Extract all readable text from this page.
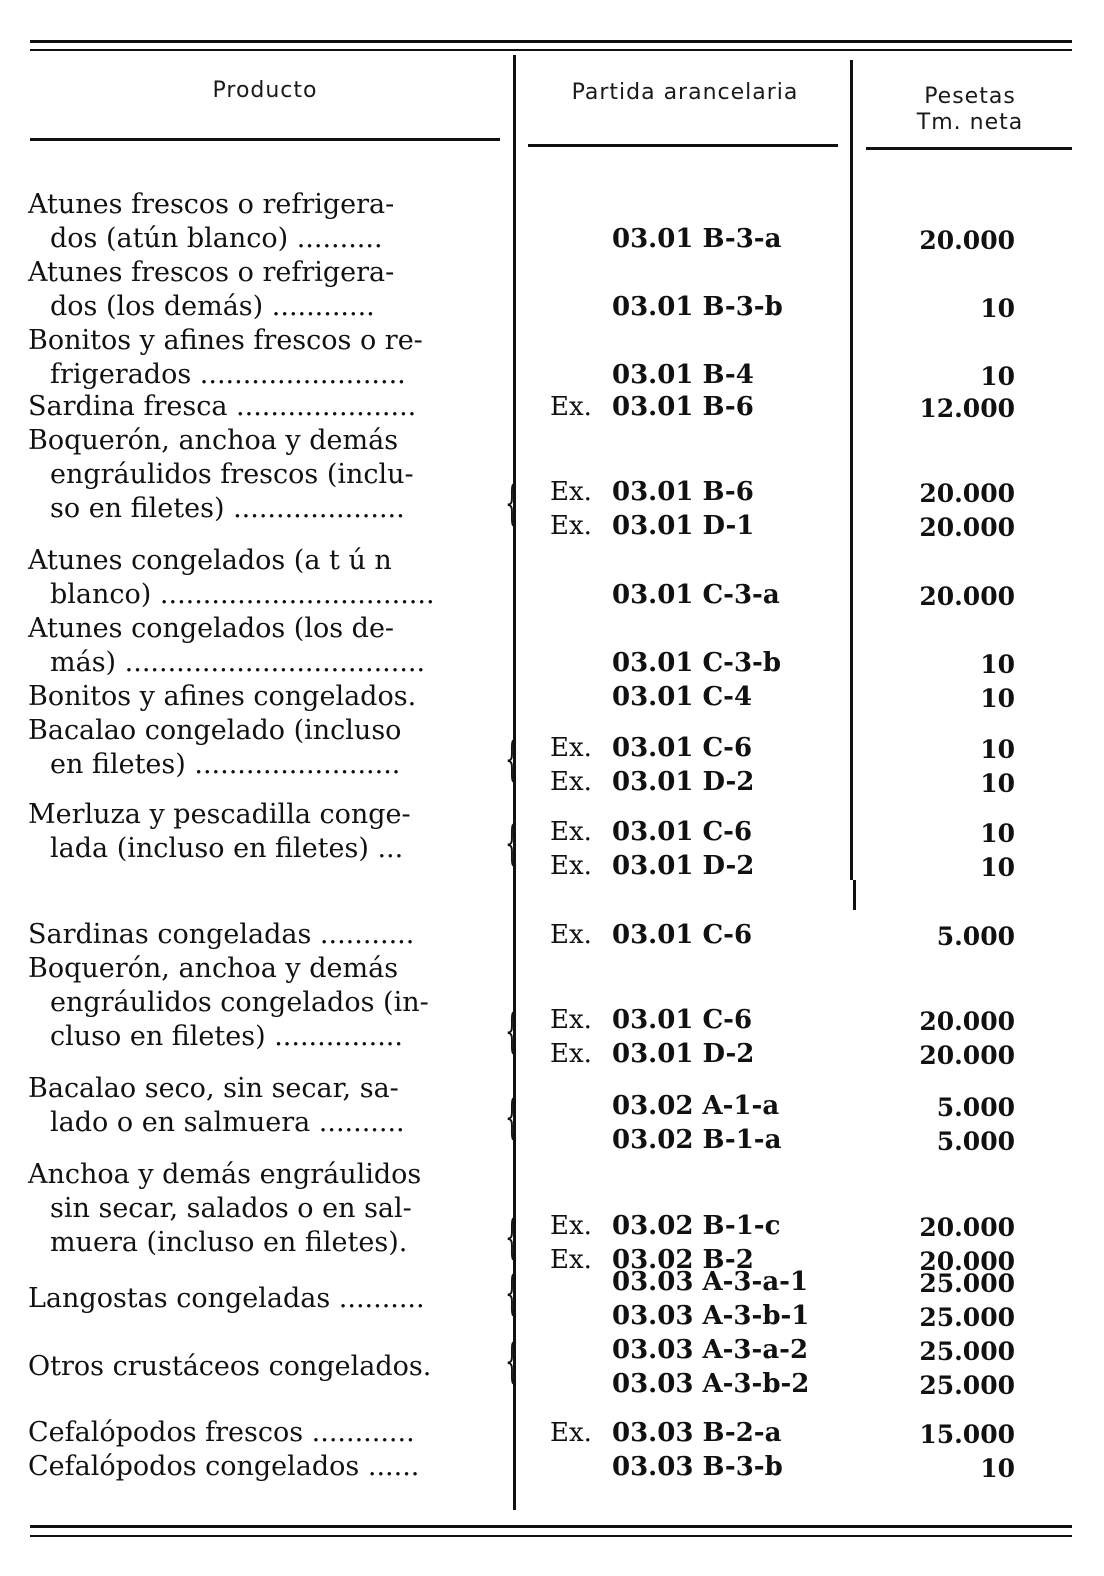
Producto	Partida arancelaria	Pesetas
Tm. neta
Atunes frescos o refrigera-
dos (atún blanco) ..........	03.01 B-3-a	20.000
Atunes frescos o refrigera-
dos (los demás) ............	03.01 B-3-b	10
Bonitos y afines frescos o re-
frigerados ........................	03.01 B-4	10
Sardina fresca .....................	Ex. 03.01 B-6	12.000
Boquerón, anchoa y demás
engráulidos frescos (inclu-
so en filetes) ....................
Ex. 03.01 B-6	20.000
Ex. 03.01 D-1	20.000
{
Atunes congelados (a t ú n
blanco) ................................	03.01 C-3-a	20.000
Atunes congelados (los de-
más) ...................................	03.01 C-3-b	10
Bonitos y afines congelados.	03.01 C-4	10
Bacalao congelado (incluso
en filetes) ........................
Ex. 03.01 C-6	10
Ex. 03.01 D-2	10
{
Merluza y pescadilla conge-
lada (incluso en filetes) ...
Ex. 03.01 C-6	10
Ex. 03.01 D-2	10
{
Sardinas congeladas ...........	Ex. 03.01 C-6	5.000
Boquerón, anchoa y demás
engráulidos congelados (in-
cluso en filetes) ...............
Ex. 03.01 C-6	20.000
Ex. 03.01 D-2	20.000
{
Bacalao seco, sin secar, sa-
lado o en salmuera ..........
03.02 A-1-a	5.000
03.02 B-1-a	5.000
{
Anchoa y demás engráulidos
sin secar, salados o en sal-
muera (incluso en filetes).
Ex. 03.02 B-1-c	20.000
Ex. 03.02 B-2	20.000
{
Langostas congeladas ..........
03.03 A-3-a-1	25.000
03.03 A-3-b-1	25.000
{
Otros crustáceos congelados.
03.03 A-3-a-2	25.000
03.03 A-3-b-2	25.000
{
Cefalópodos frescos ............	Ex. 03.03 B-2-a	15.000
Cefalópodos congelados ......	03.03 B-3-b	10
